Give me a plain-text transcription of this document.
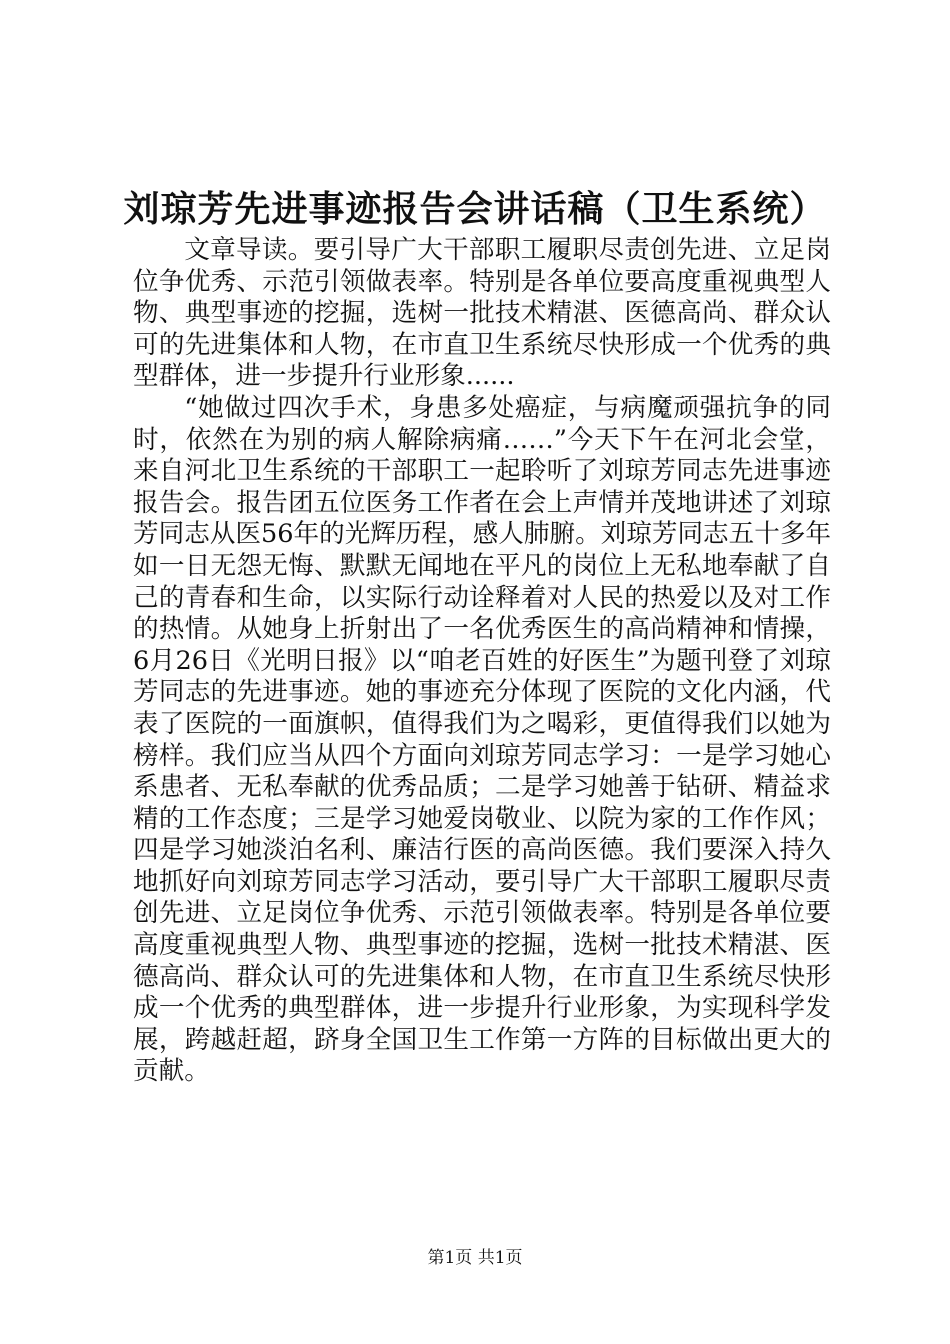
刘琼芳先进事迹报告会讲话稿（卫生系统）

文章导读。要引导广大干部职工履职尽责创先进、立足岗位争优秀、示范引领做表率。特别是各单位要高度重视典型人物、典型事迹的挖掘，选树一批技术精湛、医德高尚、群众认可的先进集体和人物，在市直卫生系统尽快形成一个优秀的典型群体，进一步提升行业形象......

“她做过四次手术，身患多处癌症，与病魔顽强抗争的同时，依然在为别的病人解除病痛……”今天下午在河北会堂，来自河北卫生系统的干部职工一起聆听了刘琼芳同志先进事迹报告会。报告团五位医务工作者在会上声情并茂地讲述了刘琼芳同志从医56年的光辉历程，感人肺腑。刘琼芳同志五十多年如一日无怨无悔、默默无闻地在平凡的岗位上无私地奉献了自己的青春和生命，以实际行动诠释着对人民的热爱以及对工作的热情。从她身上折射出了一名优秀医生的高尚精神和情操，6月26日《光明日报》以“咱老百姓的好医生”为题刊登了刘琼芳同志的先进事迹。她的事迹充分体现了医院的文化内涵，代表了医院的一面旗帜，值得我们为之喝彩，更值得我们以她为榜样。我们应当从四个方面向刘琼芳同志学习：一是学习她心系患者、无私奉献的优秀品质；二是学习她善于钻研、精益求精的工作态度；三是学习她爱岗敬业、以院为家的工作作风；四是学习她淡泊名利、廉洁行医的高尚医德。我们要深入持久地抓好向刘琼芳同志学习活动，要引导广大干部职工履职尽责创先进、立足岗位争优秀、示范引领做表率。特别是各单位要高度重视典型人物、典型事迹的挖掘，选树一批技术精湛、医德高尚、群众认可的先进集体和人物，在市直卫生系统尽快形成一个优秀的典型群体，进一步提升行业形象，为实现科学发展，跨越赶超，跻身全国卫生工作第一方阵的目标做出更大的贡献。

第1页 共1页
